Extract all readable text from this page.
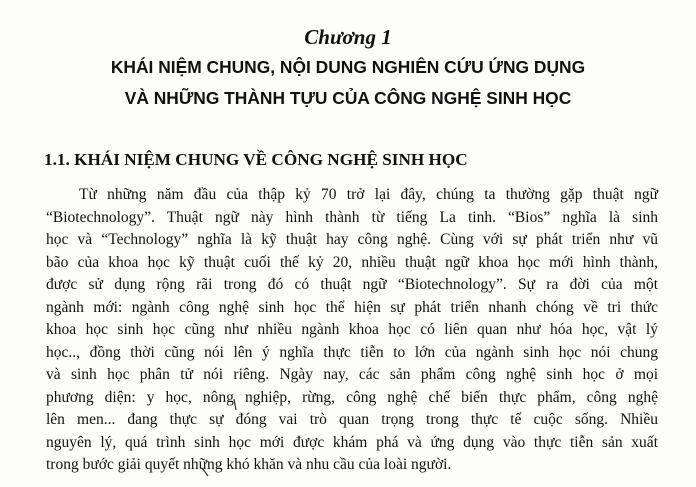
Chương 1
KHÁI NIỆM CHUNG, NỘI DUNG NGHIÊN CỨU ỨNG DỤNG
VÀ NHỮNG THÀNH TỰU CỦA CÔNG NGHỆ SINH HỌC
1.1. KHÁI NIỆM CHUNG VỀ CÔNG NGHỆ SINH HỌC
Từ những năm đầu của thập kỷ 70 trở lại đây, chúng ta thường gặp thuật ngữ
“Biotechnology”. Thuật ngữ này hình thành từ tiếng La tinh. “Bios” nghĩa là sinh
học và “Technology” nghĩa là kỹ thuật hay công nghệ. Cùng với sự phát triển như vũ
bão của khoa học kỹ thuật cuối thế kỷ 20, nhiều thuật ngữ khoa học mới hình thành,
được sử dụng rộng rãi trong đó có thuật ngữ “Biotechnology”. Sự ra đời của một
ngành mới: ngành công nghệ sinh học thể hiện sự phát triển nhanh chóng về tri thức
khoa học sinh học cũng như nhiều ngành khoa học có liên quan như hóa học, vật lý
học.., đồng thời cũng nói lên ý nghĩa thực tiễn to lớn của ngành sinh học nói chung
và sinh học phân tử nói riêng. Ngày nay, các sản phẩm công nghệ sinh học ở mọi
phương diện: y học, nông nghiệp, rừng, công nghệ chế biến thực phẩm, công nghệ
lên men... đang thực sự đóng vai trò quan trọng trong thực tế cuộc sống. Nhiều
nguyên lý, quá trình sinh học mới được khám phá và ứng dụng vào thực tiễn sản xuất
trong bước giải quyết những khó khăn và nhu cầu của loài người.
